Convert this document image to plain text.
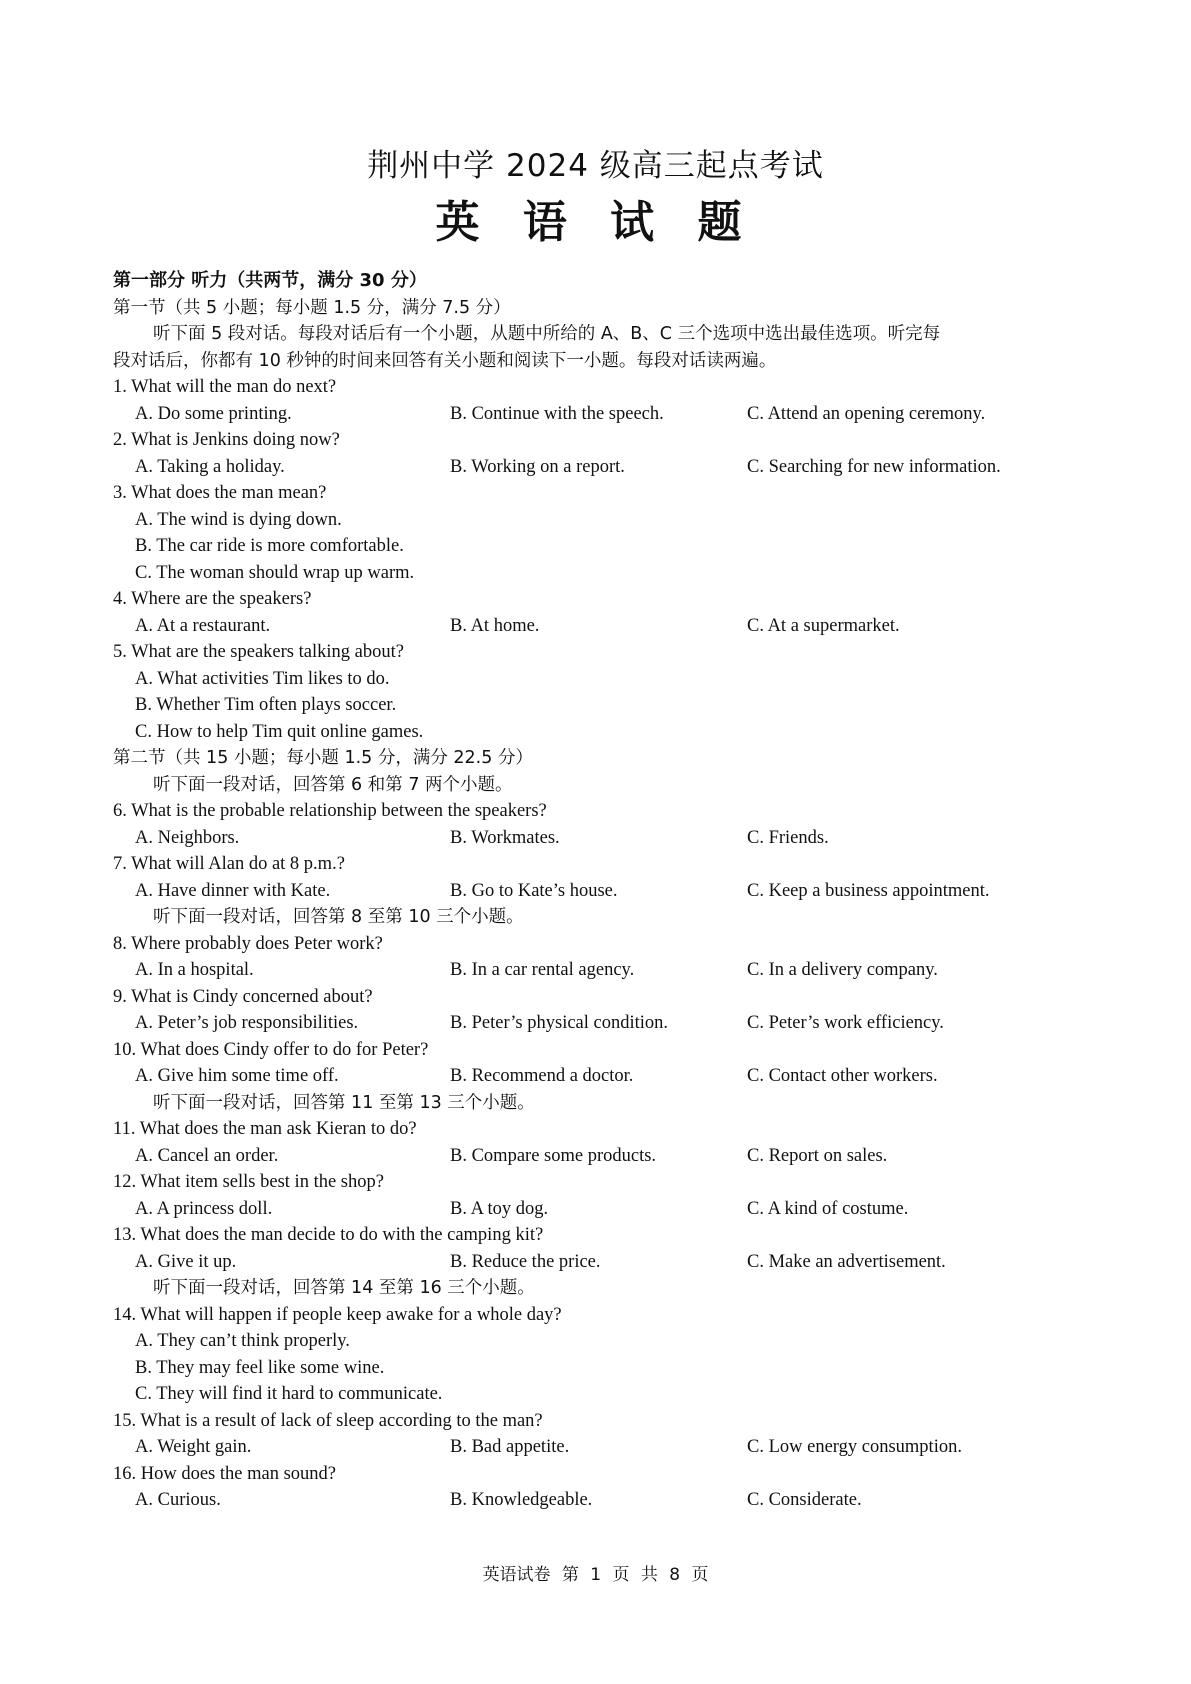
荆州中学 2024 级高三起点考试
英 语 试 题
第一部分 听力（共两节，满分 30 分）
第一节（共 5 小题；每小题 1.5 分，满分 7.5 分）
听下面 5 段对话。每段对话后有一个小题，从题中所给的 A、B、C 三个选项中选出最佳选项。听完每
段对话后，你都有 10 秒钟的时间来回答有关小题和阅读下一小题。每段对话读两遍。
1. What will the man do next?
A. Do some printing.	B. Continue with the speech.	C. Attend an opening ceremony.
2. What is Jenkins doing now?
A. Taking a holiday.	B. Working on a report.	C. Searching for new information.
3. What does the man mean?
A. The wind is dying down.
B. The car ride is more comfortable.
C. The woman should wrap up warm.
4. Where are the speakers?
A. At a restaurant.	B. At home.	C. At a supermarket.
5. What are the speakers talking about?
A. What activities Tim likes to do.
B. Whether Tim often plays soccer.
C. How to help Tim quit online games.
第二节（共 15 小题；每小题 1.5 分，满分 22.5 分）
听下面一段对话，回答第 6 和第 7 两个小题。
6. What is the probable relationship between the speakers?
A. Neighbors.	B. Workmates.	C. Friends.
7. What will Alan do at 8 p.m.?
A. Have dinner with Kate.	B. Go to Kate’s house.	C. Keep a business appointment.
听下面一段对话，回答第 8 至第 10 三个小题。
8. Where probably does Peter work?
A. In a hospital.	B. In a car rental agency.	C. In a delivery company.
9. What is Cindy concerned about?
A. Peter’s job responsibilities.	B. Peter’s physical condition.	C. Peter’s work efficiency.
10. What does Cindy offer to do for Peter?
A. Give him some time off.	B. Recommend a doctor.	C. Contact other workers.
听下面一段对话，回答第 11 至第 13 三个小题。
11. What does the man ask Kieran to do?
A. Cancel an order.	B. Compare some products.	C. Report on sales.
12. What item sells best in the shop?
A. A princess doll.	B. A toy dog.	C. A kind of costume.
13. What does the man decide to do with the camping kit?
A. Give it up.	B. Reduce the price.	C. Make an advertisement.
听下面一段对话，回答第 14 至第 16 三个小题。
14. What will happen if people keep awake for a whole day?
A. They can’t think properly.
B. They may feel like some wine.
C. They will find it hard to communicate.
15. What is a result of lack of sleep according to the man?
A. Weight gain.	B. Bad appetite.	C. Low energy consumption.
16. How does the man sound?
A. Curious.	B. Knowledgeable.	C. Considerate.
英语试卷 第 1 页 共 8 页
